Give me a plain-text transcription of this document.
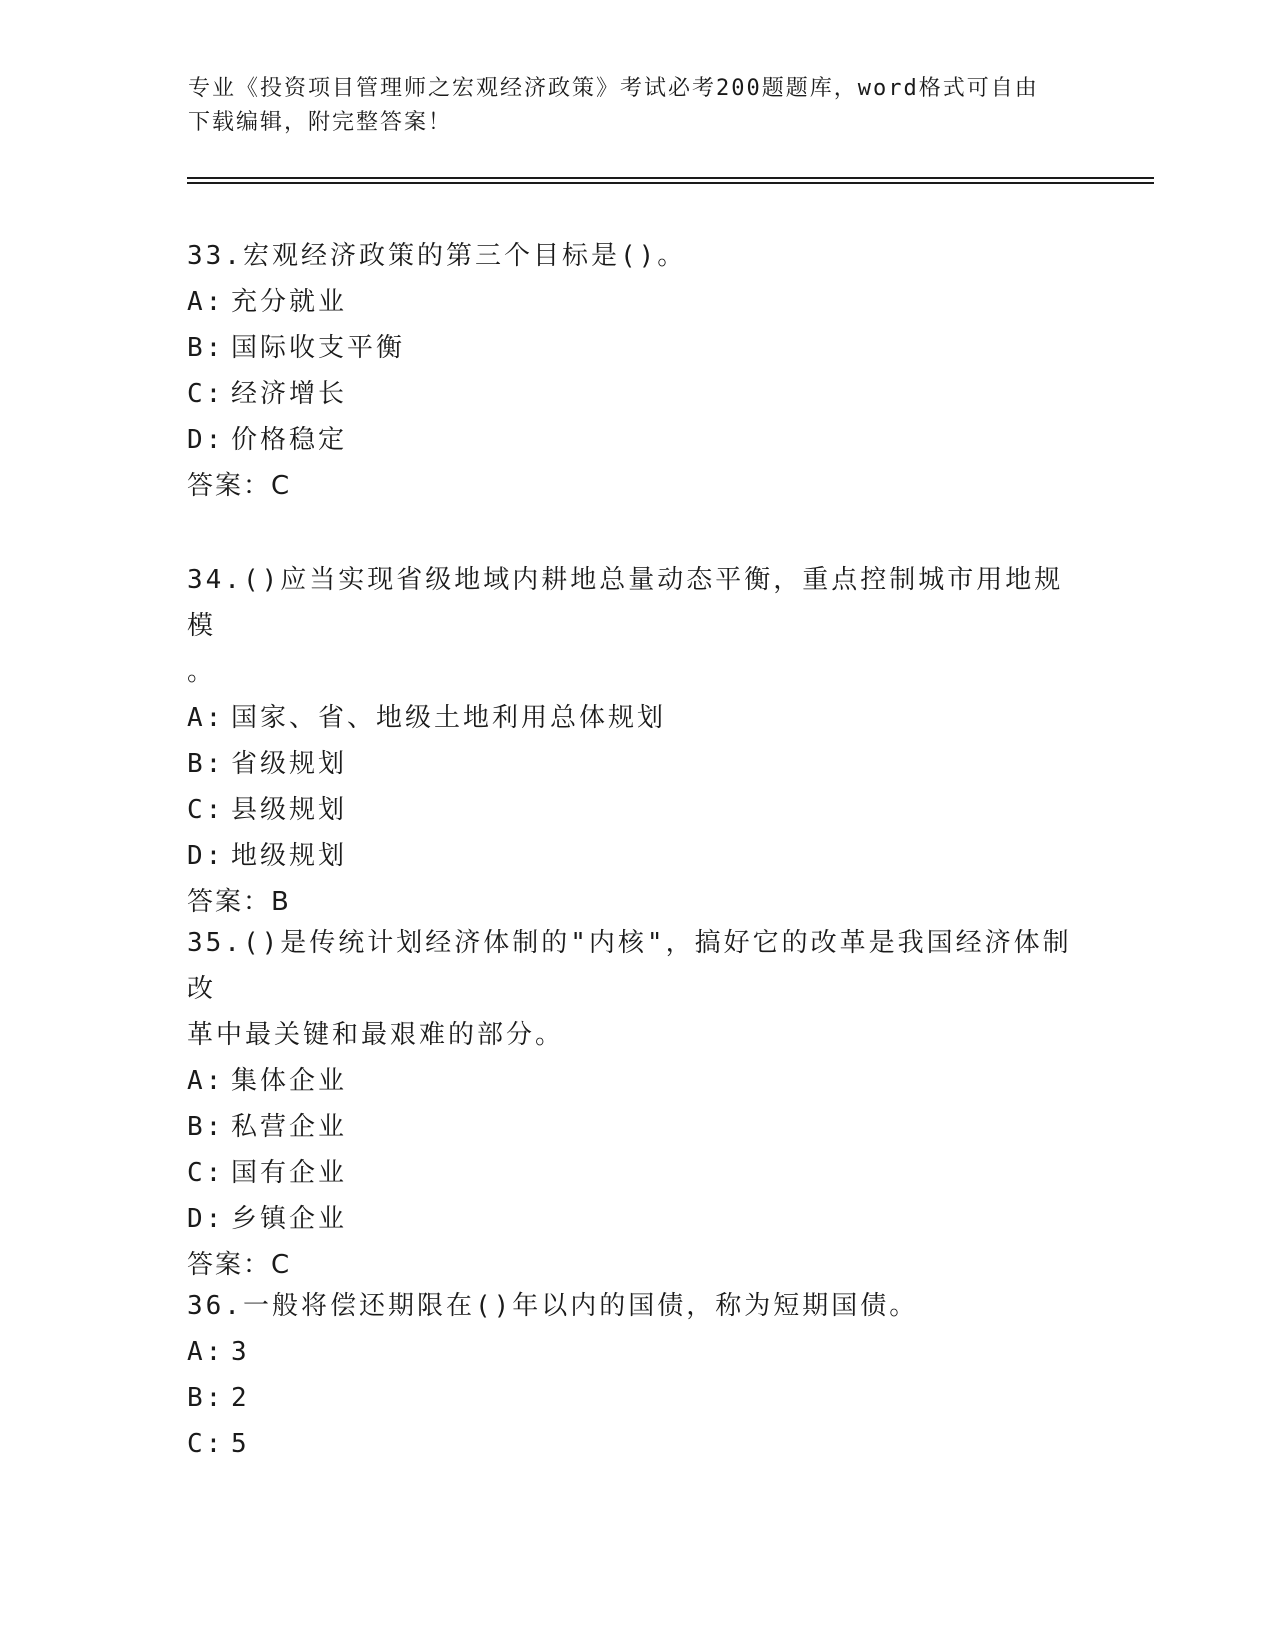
专业《投资项目管理师之宏观经济政策》考试必考200题题库，word格式可自由
下载编辑，附完整答案！

33.宏观经济政策的第三个目标是()。

A: 充分就业

B: 国际收支平衡

C: 经济增长

D: 价格稳定

答案：C

34.()应当实现省级地域内耕地总量动态平衡，重点控制城市用地规模

。

A: 国家、省、地级土地利用总体规划

B: 省级规划

C: 县级规划

D: 地级规划

答案：B

35.()是传统计划经济体制的"内核"，搞好它的改革是我国经济体制改

革中最关键和最艰难的部分。

A: 集体企业

B: 私营企业

C: 国有企业

D: 乡镇企业

答案：C

36.一般将偿还期限在()年以内的国债，称为短期国债。

A: 3

B: 2

C: 5
